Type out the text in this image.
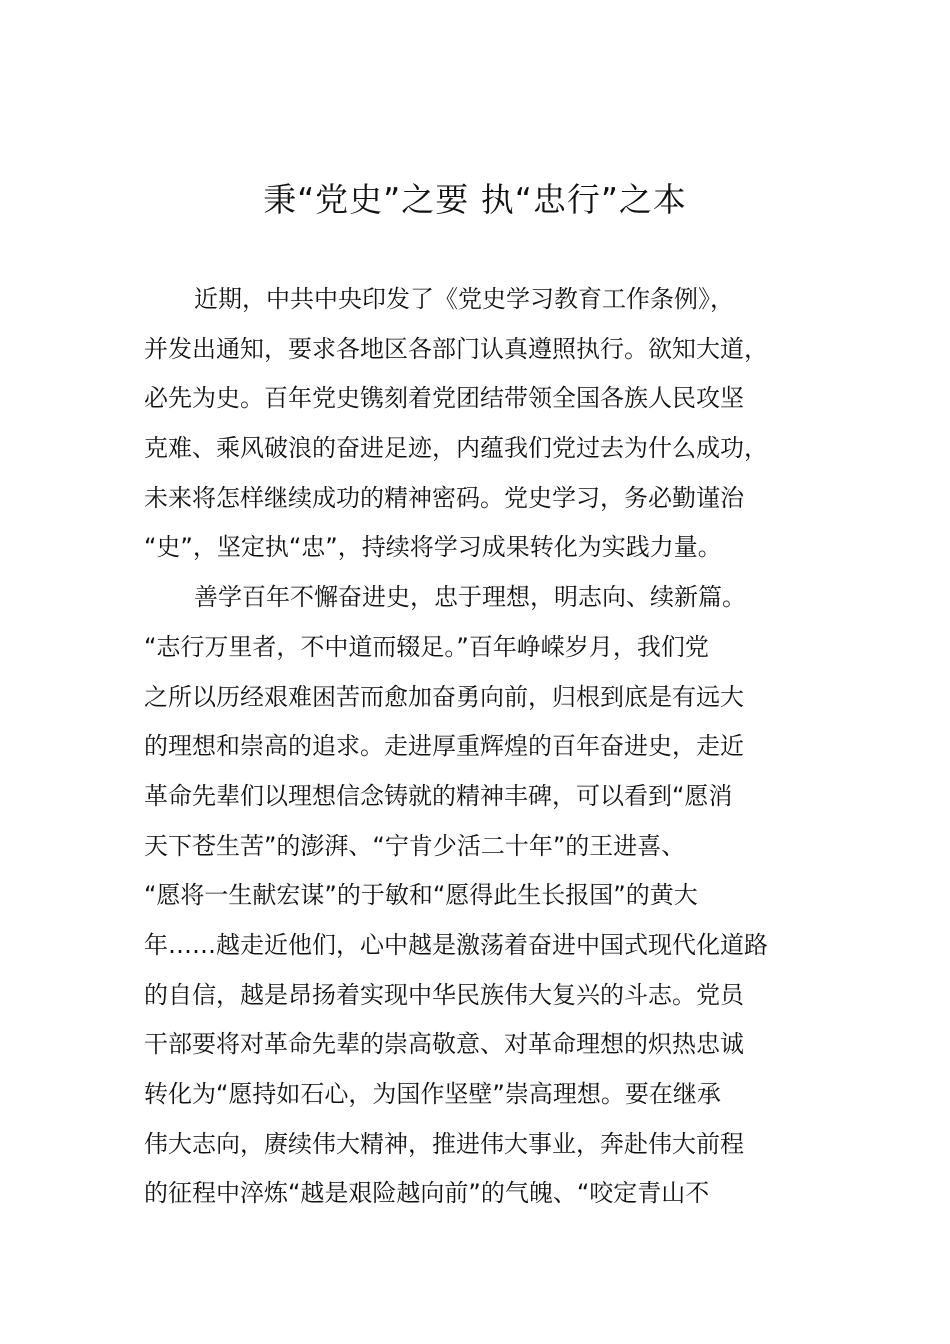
秉“党史”之要 执“忠行”之本
近期，中共中央印发了《党史学习教育工作条例》，
并发出通知，要求各地区各部门认真遵照执行。欲知大道，
必先为史。百年党史镌刻着党团结带领全国各族人民攻坚
克难、乘风破浪的奋进足迹，内蕴我们党过去为什么成功，
未来将怎样继续成功的精神密码。党史学习，务必勤谨治
“史”，坚定执“忠”，持续将学习成果转化为实践力量。
善学百年不懈奋进史，忠于理想，明志向、续新篇。
“志行万里者，不中道而辍足。”百年峥嵘岁月，我们党
之所以历经艰难困苦而愈加奋勇向前，归根到底是有远大
的理想和崇高的追求。走进厚重辉煌的百年奋进史，走近
革命先辈们以理想信念铸就的精神丰碑，可以看到“愿消
天下苍生苦”的澎湃、“宁肯少活二十年”的王进喜、
“愿将一生献宏谋”的于敏和“愿得此生长报国”的黄大
年……越走近他们，心中越是激荡着奋进中国式现代化道路
的自信，越是昂扬着实现中华民族伟大复兴的斗志。党员
干部要将对革命先辈的崇高敬意、对革命理想的炽热忠诚
转化为“愿持如石心，为国作坚壁”崇高理想。要在继承
伟大志向，赓续伟大精神，推进伟大事业，奔赴伟大前程
的征程中淬炼“越是艰险越向前”的气魄、“咬定青山不
